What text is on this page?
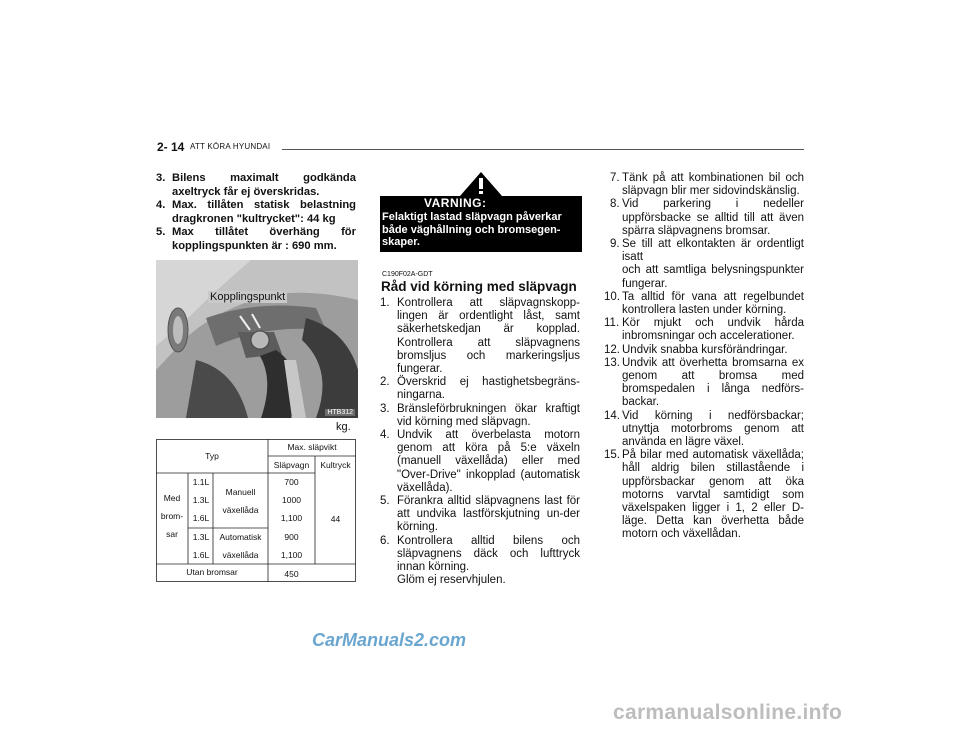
2- 14 ATT KÖRA HYUNDAI
3. Bilens maximalt godkända axeltryck får ej överskridas.
4. Max. tillåten statisk belastning dragkronen "kultrycket": 44 kg
5. Max tillåtet överhäng för kopplingspunkten är : 690 mm.
Kopplingspunkt
HTB312
kg.
Typ
Max. släpvikt
Släpvagn	Kultryck
Med
brom-
sar
1.1L
1.3L
1.6L
Manuell
växellåda
700
1000
1,100
1.3L
1.6L
Automatisk
växellåda
900
1,100
44
Utan bromsar	450
VARNING:
Felaktigt lastad släpvagn påverkar både väghållning och bromsegen-skaper.
C190F02A-GDT
Råd vid körning med släpvagn
1. Kontrollera att släpvagnskopp-lingen är ordentlight låst, samt säkerhetskedjan är kopplad. Kontrollera att släpvagnens bromsljus och markeringsljus fungerar.
2. Överskrid ej hastighetsbegräns-ningarna.
3. Bränsleförbrukningen ökar kraftigt vid körning med släpvagn.
4. Undvik att överbelasta motorn genom att köra på 5:e växeln (manuell växellåda) eller med "Over-Drive" inkopplad (automatisk växellåda).
5. Förankra alltid släpvagnens last för att undvika lastförskjutning un-der körning.
6. Kontrollera alltid bilens och släpvagnens däck och lufttryck innan körning.
Glöm ej reservhjulen.
7. Tänk på att kombinationen bil och släpvagn blir mer sidovindskänslig.
8. Vid parkering i nedeller uppförsbacke se alltid till att även spärra släpvagnens bromsar.
9. Se till att elkontakten är ordentligt isatt
och att samtliga belysningspunkter fungerar.
10. Ta alltid för vana att regelbundet kontrollera lasten under körning.
11. Kör mjukt och undvik hårda inbromsningar och accelerationer.
12. Undvik snabba kursförändringar.
13. Undvik att överhetta bromsarna ex genom att bromsa med bromspedalen i långa nedförs-backar.
14. Vid körning i nedförsbackar; utnyttja motorbroms genom att använda en lägre växel.
15. På bilar med automatisk växellåda; håll aldrig bilen stillastående i uppförsbackar genom att öka motorns varvtal samtidigt som växelspaken ligger i 1, 2 eller D-läge. Detta kan överhetta både motorn och växellådan.
CarManuals2.com
carmanualsonline.info
